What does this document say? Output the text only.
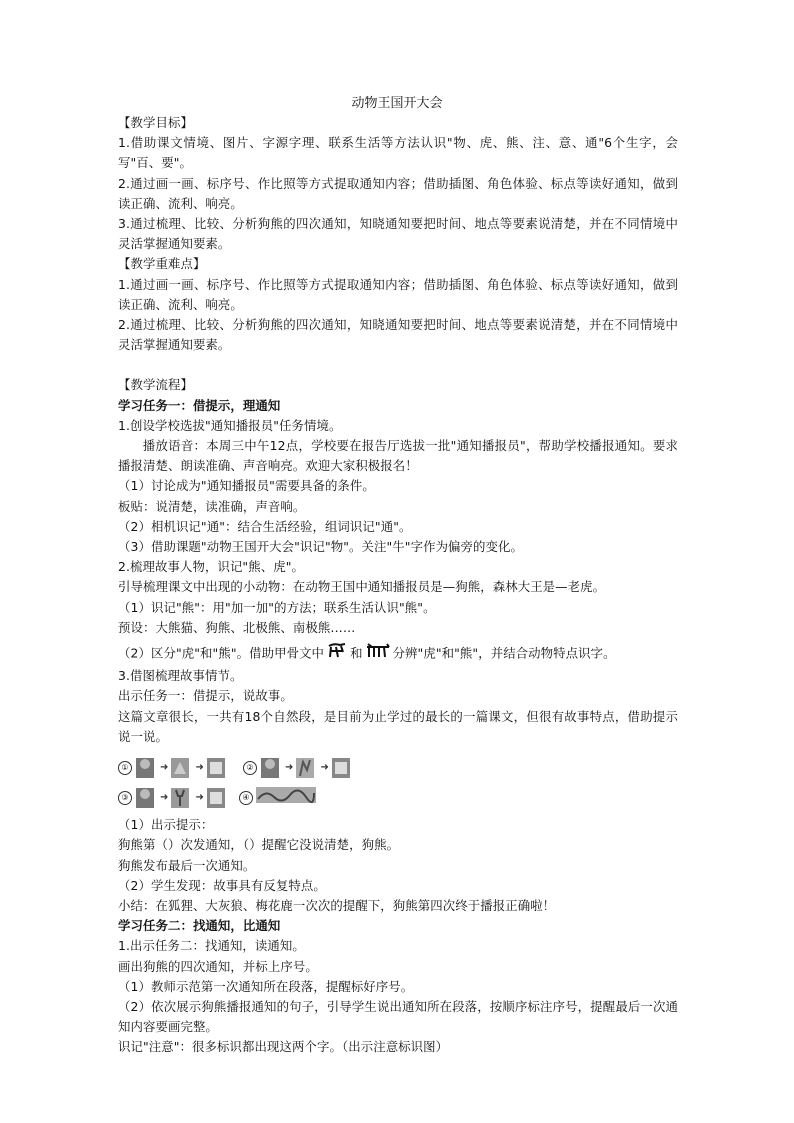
动物王国开大会

【教学目标】

1.借助课文情境、图片、字源字理、联系生活等方法认识"物、虎、熊、注、意、通"6个生字，会写"百、要"。

2.通过画一画、标序号、作比照等方式提取通知内容；借助插图、角色体验、标点等读好通知，做到读正确、流利、响亮。

3.通过梳理、比较、分析狗熊的四次通知，知晓通知要把时间、地点等要素说清楚，并在不同情境中灵活掌握通知要素。

【教学重难点】

1.通过画一画、标序号、作比照等方式提取通知内容；借助插图、角色体验、标点等读好通知，做到读正确、流利、响亮。

2.通过梳理、比较、分析狗熊的四次通知，知晓通知要把时间、地点等要素说清楚，并在不同情境中灵活掌握通知要素。

【教学流程】

学习任务一：借提示，理通知

1.创设学校选拔"通知播报员"任务情境。

播放语音：本周三中午12点，学校要在报告厅选拔一批"通知播报员"，帮助学校播报通知。要求播报清楚、朗读准确、声音响亮。欢迎大家积极报名！

（1）讨论成为"通知播报员"需要具备的条件。

板贴：说清楚，读准确，声音响。

（2）相机识记"通"：结合生活经验，组词识记"通"。

（3）借助课题"动物王国开大会"识记"物"。关注"牛"字作为偏旁的变化。

2.梳理故事人物，识记"熊、虎"。

引导梳理课文中出现的小动物：在动物王国中通知播报员是—狗熊，森林大王是—老虎。

（1）识记"熊"：用"加一加"的方法；联系生活认识"熊"。

预设：大熊猫、狗熊、北极熊、南极熊……

（2）区分"虎"和"熊"。借助甲骨文中 和 分辨"虎"和"熊"，并结合动物特点识字。

3.借图梳理故事情节。

出示任务一：借提示，说故事。

这篇文章很长，一共有18个自然段，是目前为止学过的最长的一篇课文，但很有故事特点，借助提示说一说。

①	➜	➜	②	➜	➜
③	➜	➜	④

（1）出示提示：

狗熊第（）次发通知，（）提醒它没说清楚，狗熊。

狗熊发布最后一次通知。

（2）学生发现：故事具有反复特点。

小结：在狐狸、大灰狼、梅花鹿一次次的提醒下，狗熊第四次终于播报正确啦！

学习任务二：找通知，比通知

1.出示任务二：找通知，读通知。

画出狗熊的四次通知，并标上序号。

（1）教师示范第一次通知所在段落，提醒标好序号。

（2）依次展示狗熊播报通知的句子，引导学生说出通知所在段落，按顺序标注序号，提醒最后一次通知内容要画完整。

识记"注意"：很多标识都出现这两个字。（出示注意标识图）
